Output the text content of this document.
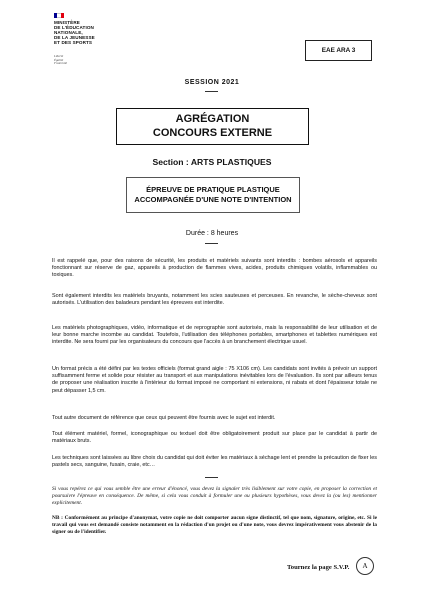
MINISTÈRE
DE L'ÉDUCATION
NATIONALE,
DE LA JEUNESSE
ET DES SPORTS
Liberté
Égalité
Fraternité
EAE ARA 3
SESSION 2021
AGRÉGATION
CONCOURS EXTERNE
Section : ARTS PLASTIQUES
ÉPREUVE DE PRATIQUE PLASTIQUE
ACCOMPAGNÉE D'UNE NOTE D'INTENTION
Durée : 8 heures

Il est rappelé que, pour des raisons de sécurité, les produits et matériels suivants sont interdits : bombes aérosols et appareils fonctionnant sur réserve de gaz, appareils à production de flammes vives, acides, produits chimiques volatils, inflammables ou toxiques.

Sont également interdits les matériels bruyants, notamment les scies sauteuses et perceuses. En revanche, le sèche-cheveux sont autorisés. L'utilisation des baladeurs pendant les épreuves est interdite.

Les matériels photographiques, vidéo, informatique et de reprographie sont autorisés, mais la responsabilité de leur utilisation et de leur bonne marche incombe au candidat. Toutefois, l'utilisation des téléphones portables, smartphones et tablettes numériques est interdite. Ne sera fourni par les organisateurs du concours que l'accès à un branchement électrique usuel.

Un format précis a été défini par les textes officiels (format grand aigle : 75 X106 cm). Les candidats sont invités à prévoir un support suffisamment ferme et solide pour résister au transport et aux manipulations inévitables lors de l'évaluation. Ils sont par ailleurs tenus de proposer une réalisation inscrite à l'intérieur du format imposé ne comportant ni extensions, ni rabats et dont l'épaisseur totale ne peut dépasser 1,5 cm.

Tout autre document de référence que ceux qui peuvent être fournis avec le sujet est interdit.

Tout élément matériel, formel, iconographique ou textuel doit être obligatoirement produit sur place par le candidat à partir de matériaux bruts.

Les techniques sont laissées au libre choix du candidat qui doit éviter les matériaux à séchage lent et prendre la précaution de fixer les pastels secs, sanguine, fusain, craie, etc…

Si vous repérez ce qui vous semble être une erreur d'énoncé, vous devez la signaler très lisiblement sur votre copie, en proposer la correction et poursuivre l'épreuve en conséquence. De même, si cela vous conduit à formuler une ou plusieurs hypothèses, vous devez la (ou les) mentionner explicitement.
NB : Conformément au principe d'anonymat, votre copie ne doit comporter aucun signe distinctif, tel que nom, signature, origine, etc. Si le travail qui vous est demandé consiste notamment en la rédaction d'un projet ou d'une note, vous devrez impérativement vous abstenir de la signer ou de l'identifier.
Tournez la page S.V.P. A
